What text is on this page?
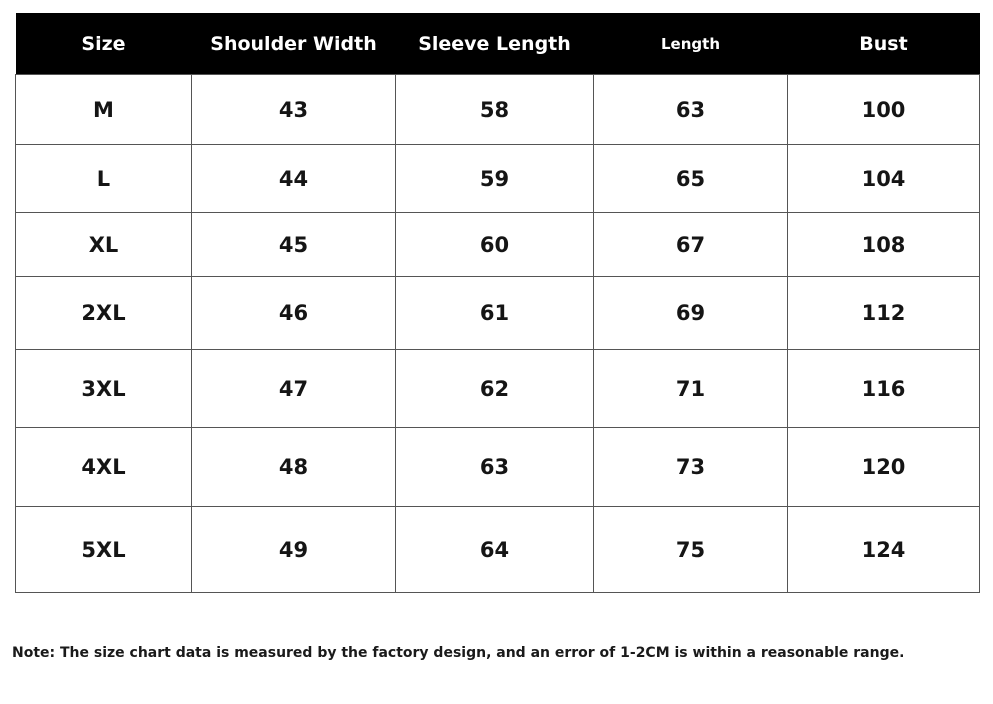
Size	Shoulder Width	Sleeve Length	Length	Bust
M	43	58	63	100
L	44	59	65	104
XL	45	60	67	108
2XL	46	61	69	112
3XL	47	62	71	116
4XL	48	63	73	120
5XL	49	64	75	124
Note: The size chart data is measured by the factory design, and an error of 1-2CM is within a reasonable range.
